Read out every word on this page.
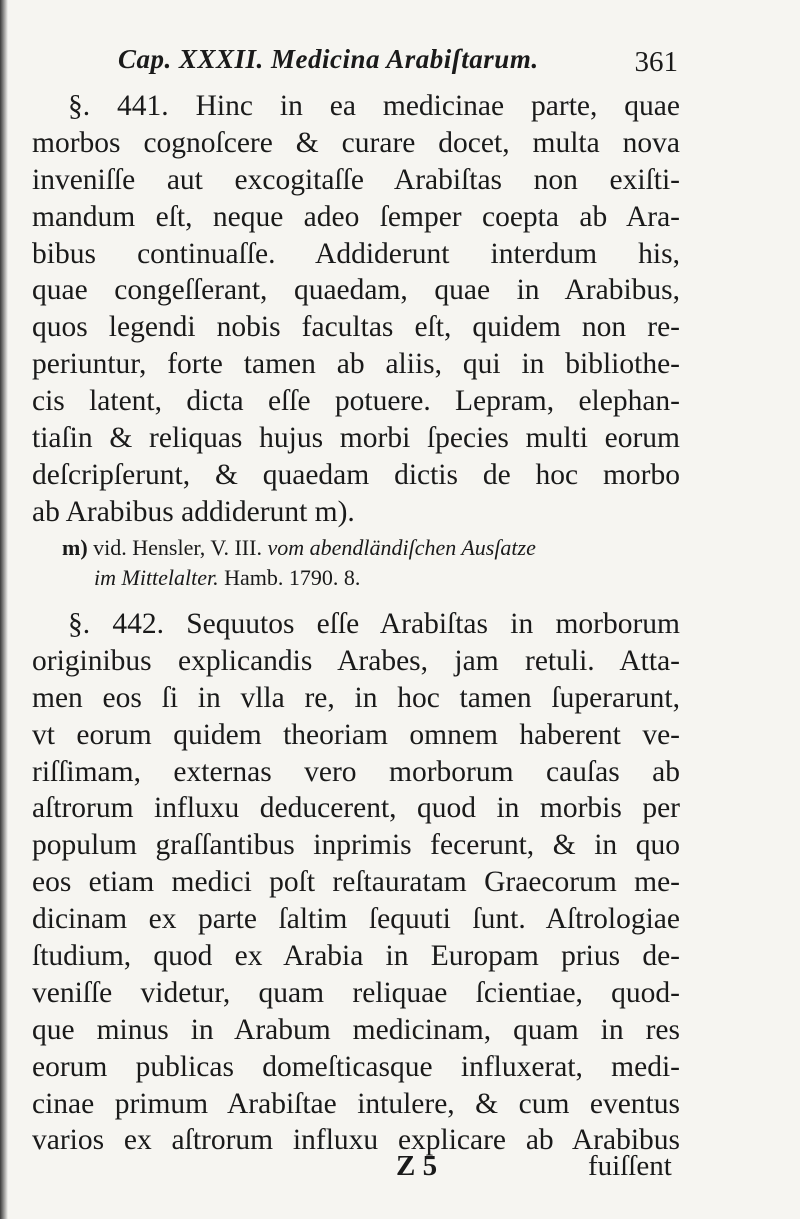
Cap. XXXII. Medicina Arabiſtarum.	361
§. 441. Hinc in ea medicinae parte, quae
morbos cognoſcere & curare docet, multa nova
inveniſſe aut excogitaſſe Arabiſtas non exiſti-
mandum eſt, neque adeo ſemper coepta ab Ara-
bibus continuaſſe. Addiderunt interdum his,
quae congeſſerant, quaedam, quae in Arabibus,
quos legendi nobis facultas eſt, quidem non re-
periuntur, forte tamen ab aliis, qui in bibliothe-
cis latent, dicta eſſe potuere. Lepram, elephan-
tiaſin & reliquas hujus morbi ſpecies multi eorum
deſcripſerunt, & quaedam dictis de hoc morbo
ab Arabibus addiderunt m).
m) vid. Hensler, V. III. vom abendländiſchen Ausſatze
im Mittelalter. Hamb. 1790. 8.
§. 442. Sequutos eſſe Arabiſtas in morborum
originibus explicandis Arabes, jam retuli. Atta-
men eos ſi in vlla re, in hoc tamen ſuperarunt,
vt eorum quidem theoriam omnem haberent ve-
riſſimam, externas vero morborum cauſas ab
aſtrorum influxu deducerent, quod in morbis per
populum graſſantibus inprimis fecerunt, & in quo
eos etiam medici poſt reſtauratam Graecorum me-
dicinam ex parte ſaltim ſequuti ſunt. Aſtrologiae
ſtudium, quod ex Arabia in Europam prius de-
veniſſe videtur, quam reliquae ſcientiae, quod-
que minus in Arabum medicinam, quam in res
eorum publicas domeſticasque influxerat, medi-
cinae primum Arabiſtae intulere, & cum eventus
varios ex aſtrorum influxu explicare ab Arabibus
Z 5	fuiſſent
